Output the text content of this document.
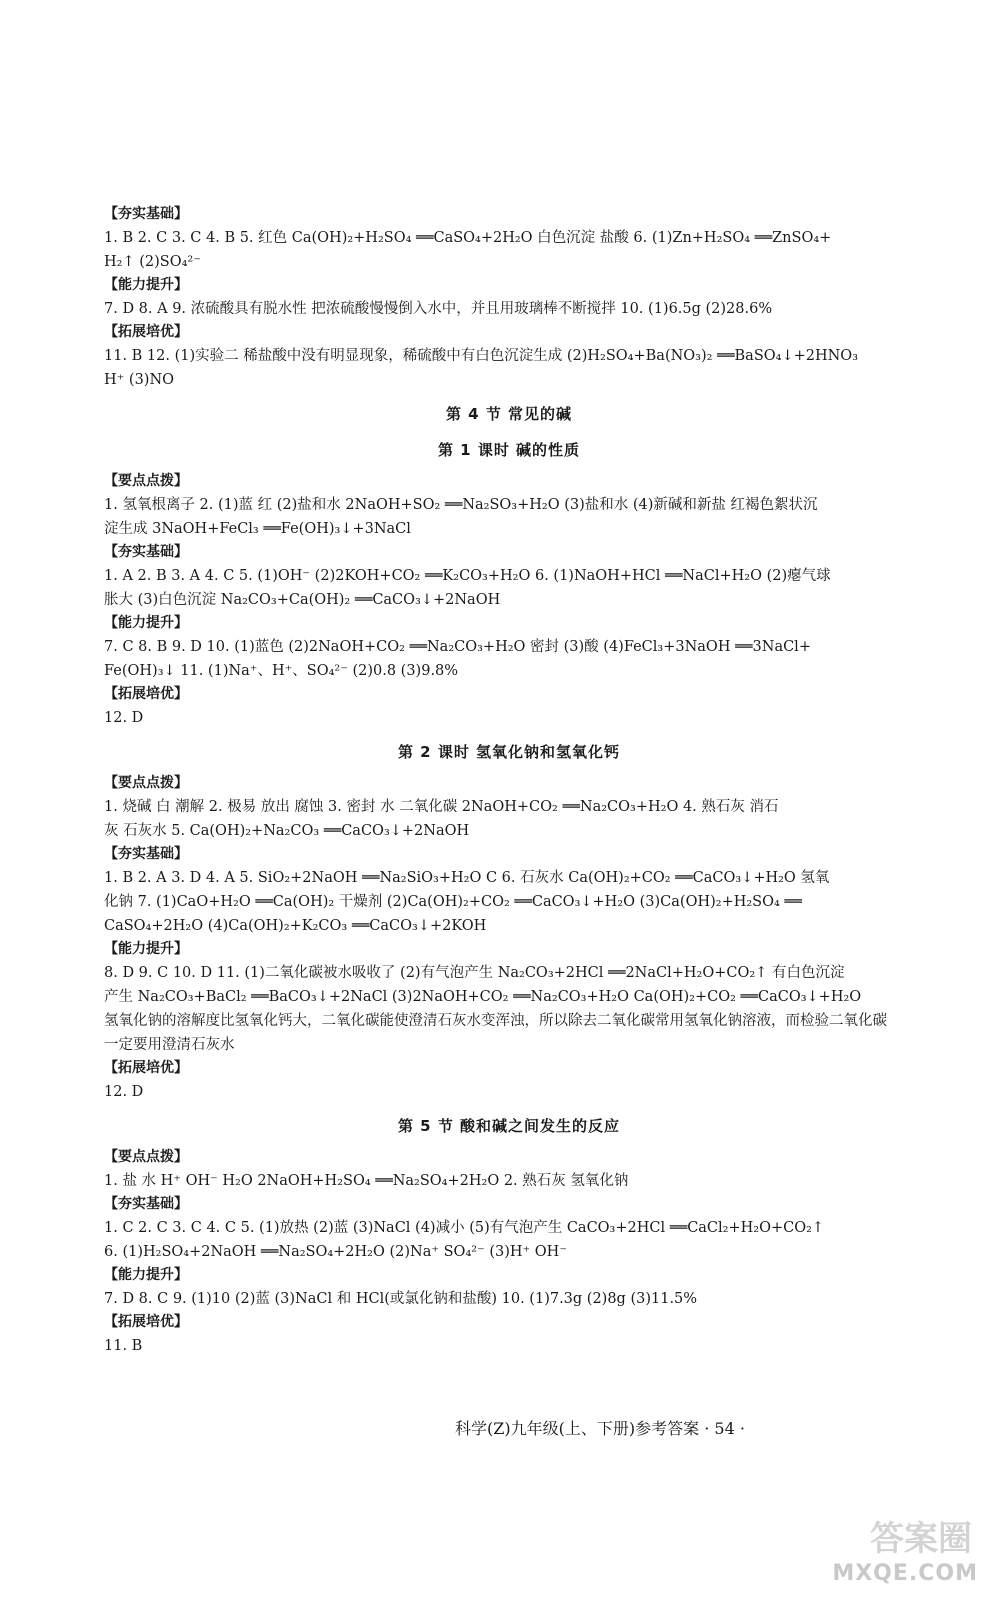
【夯实基础】
1. B 2. C 3. C 4. B 5. 红色 Ca(OH)₂+H₂SO₄ ══CaSO₄+2H₂O 白色沉淀 盐酸 6. (1)Zn+H₂SO₄ ══ZnSO₄+
H₂↑ (2)SO₄²⁻
【能力提升】
7. D 8. A 9. 浓硫酸具有脱水性 把浓硫酸慢慢倒入水中，并且用玻璃棒不断搅拌 10. (1)6.5g (2)28.6%
【拓展培优】
11. B 12. (1)实验二 稀盐酸中没有明显现象，稀硫酸中有白色沉淀生成 (2)H₂SO₄+Ba(NO₃)₂ ══BaSO₄↓+2HNO₃
H⁺ (3)NO
第 4 节 常见的碱
第 1 课时 碱的性质
【要点点拨】
1. 氢氧根离子 2. (1)蓝 红 (2)盐和水 2NaOH+SO₂ ══Na₂SO₃+H₂O (3)盐和水 (4)新碱和新盐 红褐色絮状沉
淀生成 3NaOH+FeCl₃ ══Fe(OH)₃↓+3NaCl
【夯实基础】
1. A 2. B 3. A 4. C 5. (1)OH⁻ (2)2KOH+CO₂ ══K₂CO₃+H₂O 6. (1)NaOH+HCl ══NaCl+H₂O (2)瘪气球
胀大 (3)白色沉淀 Na₂CO₃+Ca(OH)₂ ══CaCO₃↓+2NaOH
【能力提升】
7. C 8. B 9. D 10. (1)蓝色 (2)2NaOH+CO₂ ══Na₂CO₃+H₂O 密封 (3)酸 (4)FeCl₃+3NaOH ══3NaCl+
Fe(OH)₃↓ 11. (1)Na⁺、H⁺、SO₄²⁻ (2)0.8 (3)9.8%
【拓展培优】
12. D
第 2 课时 氢氧化钠和氢氧化钙
【要点点拨】
1. 烧碱 白 潮解 2. 极易 放出 腐蚀 3. 密封 水 二氧化碳 2NaOH+CO₂ ══Na₂CO₃+H₂O 4. 熟石灰 消石
灰 石灰水 5. Ca(OH)₂+Na₂CO₃ ══CaCO₃↓+2NaOH
【夯实基础】
1. B 2. A 3. D 4. A 5. SiO₂+2NaOH ══Na₂SiO₃+H₂O C 6. 石灰水 Ca(OH)₂+CO₂ ══CaCO₃↓+H₂O 氢氧
化钠 7. (1)CaO+H₂O ══Ca(OH)₂ 干燥剂 (2)Ca(OH)₂+CO₂ ══CaCO₃↓+H₂O (3)Ca(OH)₂+H₂SO₄ ══
CaSO₄+2H₂O (4)Ca(OH)₂+K₂CO₃ ══CaCO₃↓+2KOH
【能力提升】
8. D 9. C 10. D 11. (1)二氧化碳被水吸收了 (2)有气泡产生 Na₂CO₃+2HCl ══2NaCl+H₂O+CO₂↑ 有白色沉淀
产生 Na₂CO₃+BaCl₂ ══BaCO₃↓+2NaCl (3)2NaOH+CO₂ ══Na₂CO₃+H₂O Ca(OH)₂+CO₂ ══CaCO₃↓+H₂O
氢氧化钠的溶解度比氢氧化钙大，二氧化碳能使澄清石灰水变浑浊，所以除去二氧化碳常用氢氧化钠溶液，而检验二氧化碳
一定要用澄清石灰水
【拓展培优】
12. D
第 5 节 酸和碱之间发生的反应
【要点点拨】
1. 盐 水 H⁺ OH⁻ H₂O 2NaOH+H₂SO₄ ══Na₂SO₄+2H₂O 2. 熟石灰 氢氧化钠
【夯实基础】
1. C 2. C 3. C 4. C 5. (1)放热 (2)蓝 (3)NaCl (4)减小 (5)有气泡产生 CaCO₃+2HCl ══CaCl₂+H₂O+CO₂↑
6. (1)H₂SO₄+2NaOH ══Na₂SO₄+2H₂O (2)Na⁺ SO₄²⁻ (3)H⁺ OH⁻
【能力提升】
7. D 8. C 9. (1)10 (2)蓝 (3)NaCl 和 HCl(或氯化钠和盐酸) 10. (1)7.3g (2)8g (3)11.5%
【拓展培优】
11. B
科学(Z)九年级(上、下册)参考答案 · 54 ·
答案圈
MXQE.COM
